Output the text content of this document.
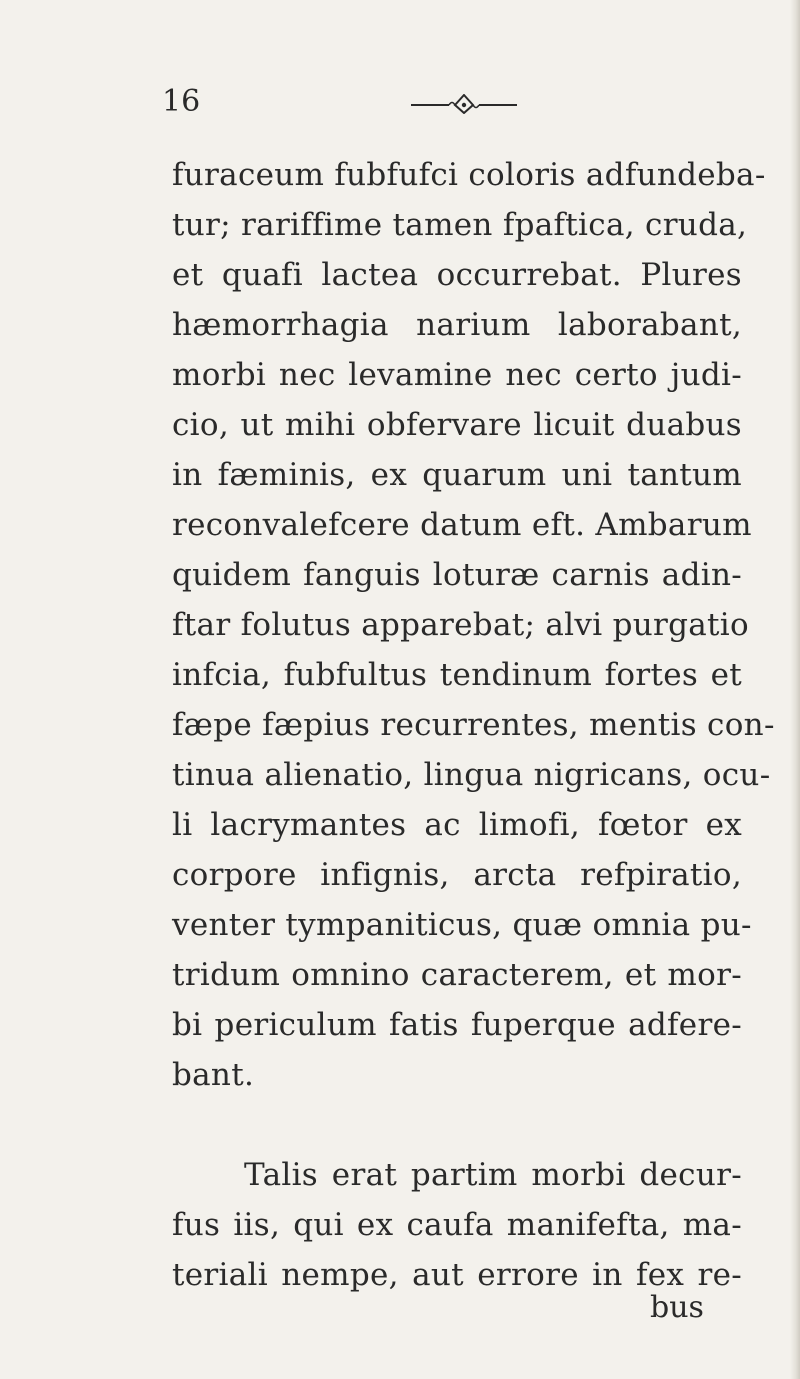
16
furaceum fubfufci coloris adfundeba-
tur; rariffime tamen fpaftica, cruda,
et quafi lactea occurrebat. Plures
hæmorrhagia narium laborabant,
morbi nec levamine nec certo judi-
cio, ut mihi obfervare licuit duabus
in fæminis, ex quarum uni tantum
reconvalefcere datum eft. Ambarum
quidem fanguis loturæ carnis adin-
ftar folutus apparebat; alvi purgatio
infcia, fubfultus tendinum fortes et
fæpe fæpius recurrentes, mentis con-
tinua alienatio, lingua nigricans, ocu-
li lacrymantes ac limofi, fœtor ex
corpore infignis, arcta refpiratio,
venter tympaniticus, quæ omnia pu-
tridum omnino caracterem, et mor-
bi periculum fatis fuperque adfere-
bant.
Talis erat partim morbi decur-
fus iis, qui ex caufa manifefta, ma-
teriali nempe, aut errore in fex re-
bus
